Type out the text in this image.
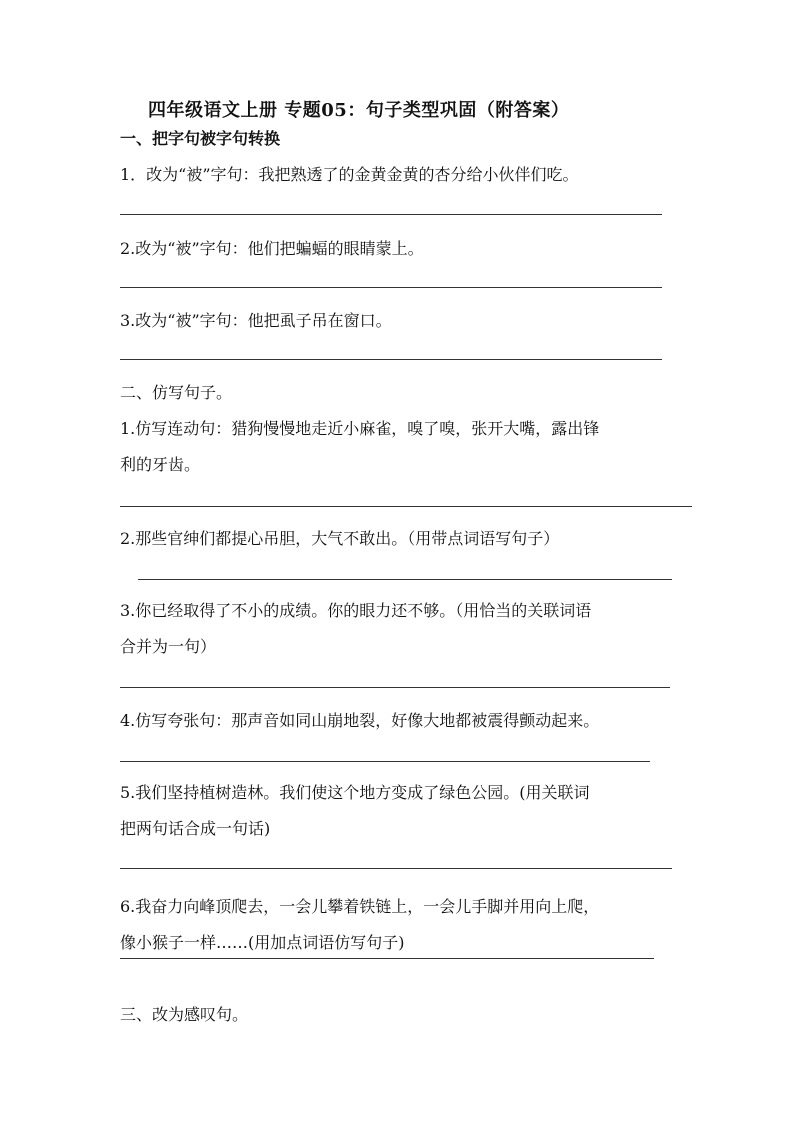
四年级语文上册 专题05：句子类型巩固（附答案）
一、把字句被字句转换
1．改为“被”字句：我把熟透了的金黄金黄的杏分给小伙伴们吃。
2.改为“被”字句：他们把蝙蝠的眼睛蒙上。
3.改为“被”字句：他把虱子吊在窗口。
二、仿写句子。
1.仿写连动句：猎狗慢慢地走近小麻雀，嗅了嗅，张开大嘴，露出锋
利的牙齿。
2.那些官绅们都提心吊胆，大气不敢出。（用带点词语写句子）
3.你已经取得了不小的成绩。你的眼力还不够。（用恰当的关联词语
合并为一句）
4.仿写夸张句：那声音如同山崩地裂，好像大地都被震得颤动起来。
5.我们坚持植树造林。我们使这个地方变成了绿色公园。(用关联词
把两句话合成一句话)
6.我奋力向峰顶爬去，一会儿攀着铁链上，一会儿手脚并用向上爬，
像小猴子一样……(用加点词语仿写句子)
三、改为感叹句。
